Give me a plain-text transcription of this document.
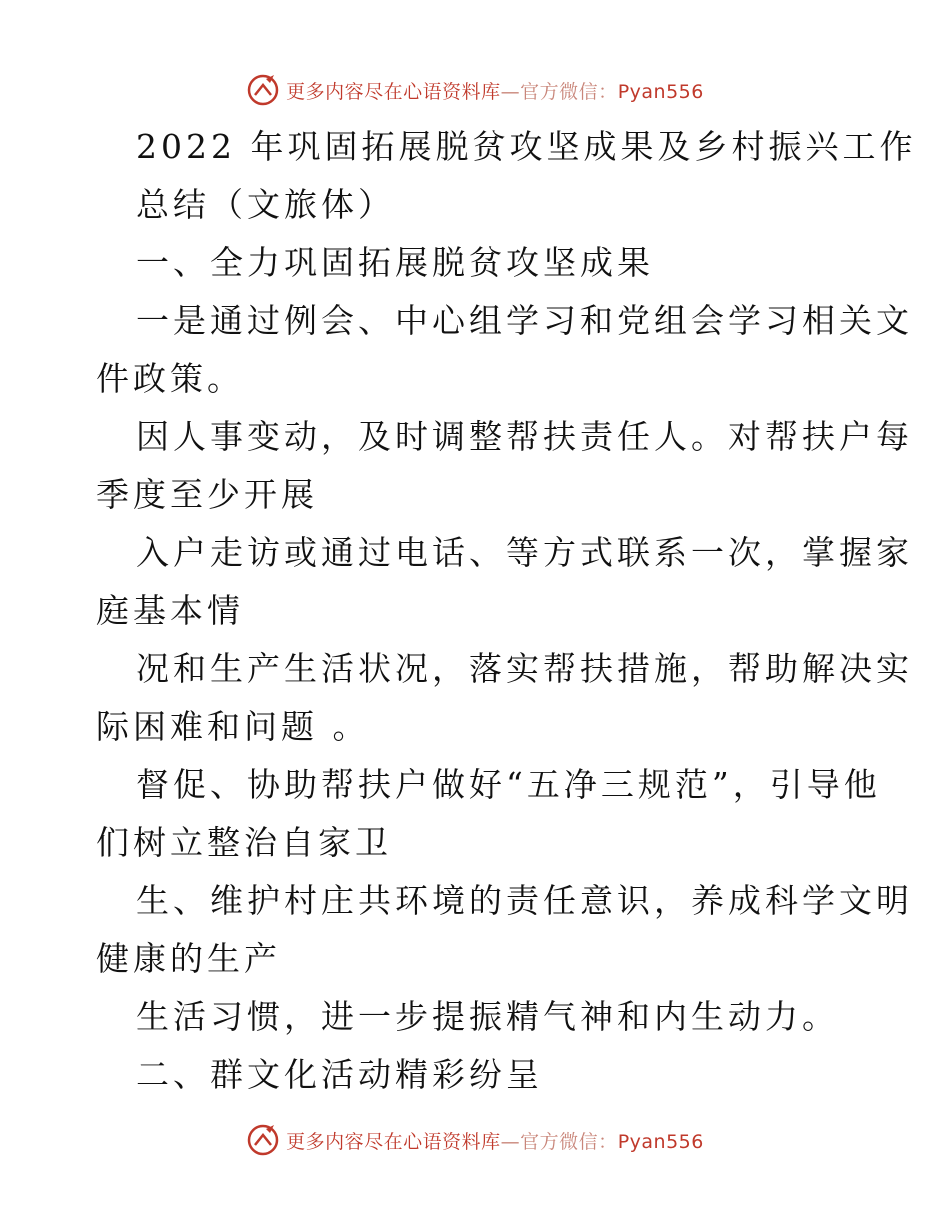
更多内容尽在心语资料库—官方微信：Pyan556
2022 年巩固拓展脱贫攻坚成果及乡村振兴工作
总结（文旅体）
一、全力巩固拓展脱贫攻坚成果
一是通过例会、中心组学习和党组会学习相关文
件政策。
因人事变动，及时调整帮扶责任人。对帮扶户每
季度至少开展
入户走访或通过电话、等方式联系一次，掌握家
庭基本情
况和生产生活状况，落实帮扶措施，帮助解决实
际困难和问题 。
督促、协助帮扶户做好“五净三规范”，引导他
们树立整治自家卫
生、维护村庄共环境的责任意识，养成科学文明
健康的生产
生活习惯，进一步提振精气神和内生动力。
二、群文化活动精彩纷呈
更多内容尽在心语资料库—官方微信：Pyan556
